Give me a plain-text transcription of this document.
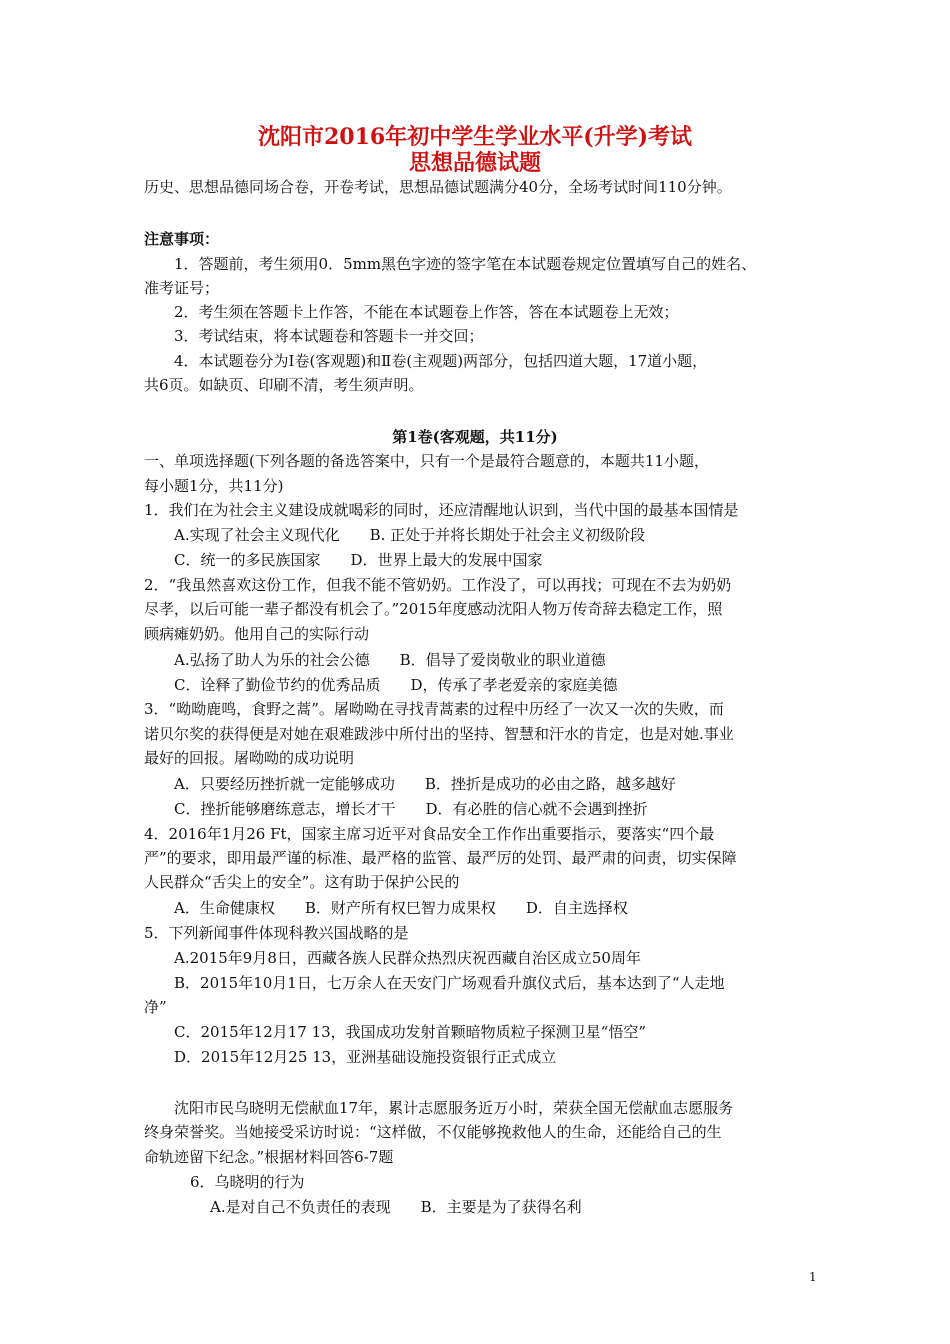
沈阳市2016年初中学生学业水平(升学)考试
思想品德试题
历史、思想品德同场合卷，开卷考试，思想品德试题满分40分，全场考试时间110分钟。
注意事项：
1．答题前，考生须用0．5mm黑色字迹的签字笔在本试题卷规定位置填写自己的姓名、
准考证号；
2．考生须在答题卡上作答，不能在本试题卷上作答，答在本试题卷上无效；
3．考试结束，将本试题卷和答题卡一并交回；
4．本试题卷分为Ⅰ卷(客观题)和Ⅱ卷(主观题)两部分，包括四道大题，17道小题，
共6页。如缺页、印刷不清，考生须声明。
第1卷(客观题，共11分)
一、单项选择题(下列各题的备选答案中，只有一个是最符合题意的，本题共11小题，
每小题1分，共11分)
1．我们在为社会主义建设成就喝彩的同时，还应清醒地认识到，当代中国的最基本国情是
A.实现了社会主义现代化　　B. 正处于并将长期处于社会主义初级阶段
C．统一的多民族国家　　D．世界上最大的发展中国家
2．“我虽然喜欢这份工作，但我不能不管奶奶。工作没了，可以再找；可现在不去为奶奶
尽孝，以后可能一辈子都没有机会了。”2015年度感动沈阳人物万传奇辞去稳定工作，照
顾病瘫奶奶。他用自己的实际行动
A.弘扬了助人为乐的社会公德　　B．倡导了爱岗敬业的职业道德
C．诠释了勤俭节约的优秀品质　　D，传承了孝老爱亲的家庭美德
3．“呦呦鹿鸣，食野之蒿”。屠呦呦在寻找青蒿素的过程中历经了一次又一次的失败，而
诺贝尔奖的获得便是对她在艰难跋涉中所付出的坚持、智慧和汗水的肯定，也是对她.事业
最好的回报。屠呦呦的成功说明
A．只要经历挫折就一定能够成功　　B．挫折是成功的必由之路，越多越好
C．挫折能够磨练意志，增长才干　　D．有必胜的信心就不会遇到挫折
4．2016年1月26 Ft，国家主席习近平对食品安全工作作出重要指示，要落实“四个最
严”的要求，即用最严谨的标准、最严格的监管、最严厉的处罚、最严肃的问责，切实保障
人民群众“舌尖上的安全”。这有助于保护公民的
A．生命健康权　　B．财产所有权巳智力成果权　　D．自主选择权
5．下列新闻事件体现科教兴国战略的是
A.2015年9月8日，西藏各族人民群众热烈庆祝西藏自治区成立50周年
B．2015年10月1日，七万余人在天安门广场观看升旗仪式后，基本达到了“人走地
净”
C．2015年12月17 13，我国成功发射首颗暗物质粒子探测卫星“悟空”
D．2015年12月25 13，亚洲基础设施投资银行正式成立
沈阳市民乌晓明无偿献血17年，累计志愿服务近万小时，荣获全国无偿献血志愿服务
终身荣誉奖。当她接受采访时说：“这样做，不仅能够挽救他人的生命，还能给自己的生
命轨迹留下纪念。”根据材料回答6-7题
6．乌晓明的行为
A.是对自己不负责任的表现　　B．主要是为了获得名利
1
